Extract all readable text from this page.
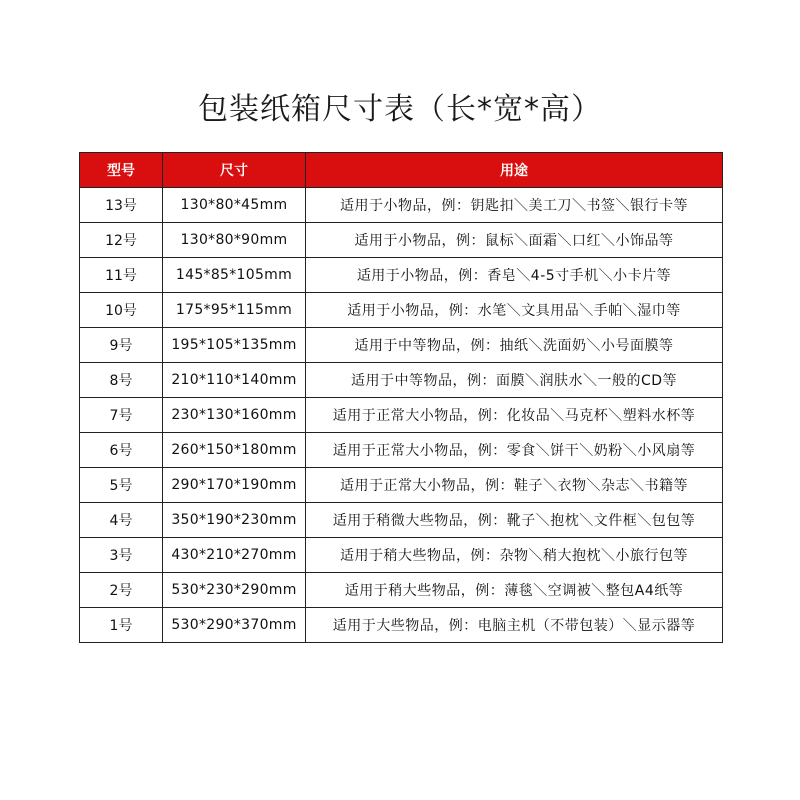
包装纸箱尺寸表（长*宽*高）
型号	尺寸	用途
13号	130*80*45mm	适用于小物品，例：钥匙扣＼美工刀＼书签＼银行卡等
12号	130*80*90mm	适用于小物品，例：鼠标＼面霜＼口红＼小饰品等
11号	145*85*105mm	适用于小物品，例：香皂＼4-5寸手机＼小卡片等
10号	175*95*115mm	适用于小物品，例：水笔＼文具用品＼手帕＼湿巾等
9号	195*105*135mm	适用于中等物品，例：抽纸＼洗面奶＼小号面膜等
8号	210*110*140mm	适用于中等物品，例：面膜＼润肤水＼一般的CD等
7号	230*130*160mm	适用于正常大小物品，例：化妆品＼马克杯＼塑料水杯等
6号	260*150*180mm	适用于正常大小物品，例：零食＼饼干＼奶粉＼小风扇等
5号	290*170*190mm	适用于正常大小物品，例：鞋子＼衣物＼杂志＼书籍等
4号	350*190*230mm	适用于稍微大些物品，例：靴子＼抱枕＼文件框＼包包等
3号	430*210*270mm	适用于稍大些物品，例：杂物＼稍大抱枕＼小旅行包等
2号	530*230*290mm	适用于稍大些物品，例：薄毯＼空调被＼整包A4纸等
1号	530*290*370mm	适用于大些物品，例：电脑主机（不带包装）＼显示器等
